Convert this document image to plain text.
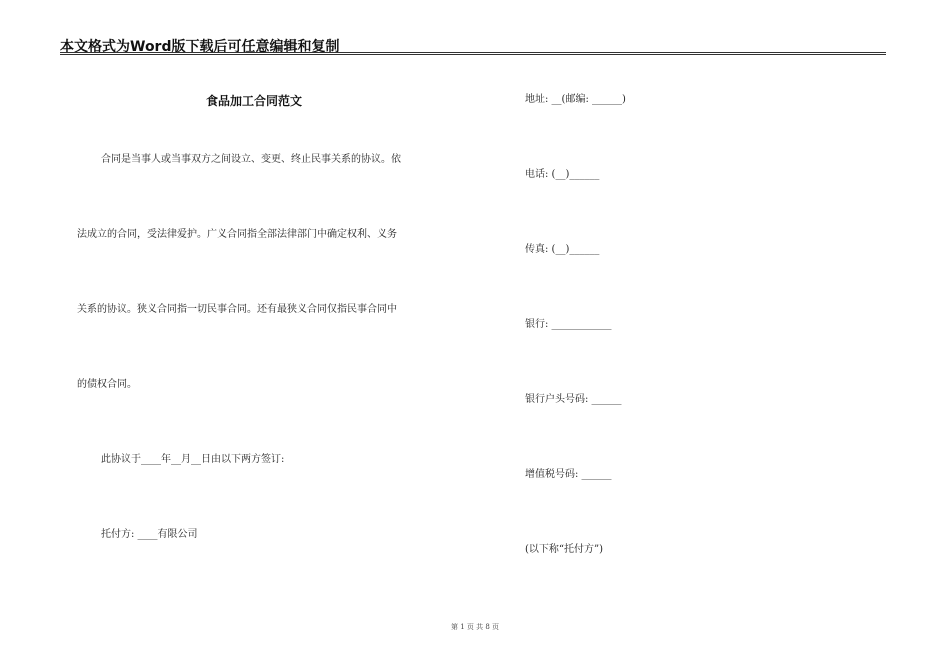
本文格式为Word版下载后可任意编辑和复制
食品加工合同范文
合同是当事人或当事双方之间设立、变更、终止民事关系的协议。依
法成立的合同，受法律爱护。广义合同指全部法律部门中确定权利、义务
关系的协议。狭义合同指一切民事合同。还有最狭义合同仅指民事合同中
的债权合同。
此协议于____年__月__日由以下两方签订:
托付方: ____有限公司
地址: __(邮编: ______)
电话: (__)______
传真: (__)______
银行: ____________
银行户头号码: ______
增值税号码: ______
(以下称“托付方”)
第 1 页 共 8 页
